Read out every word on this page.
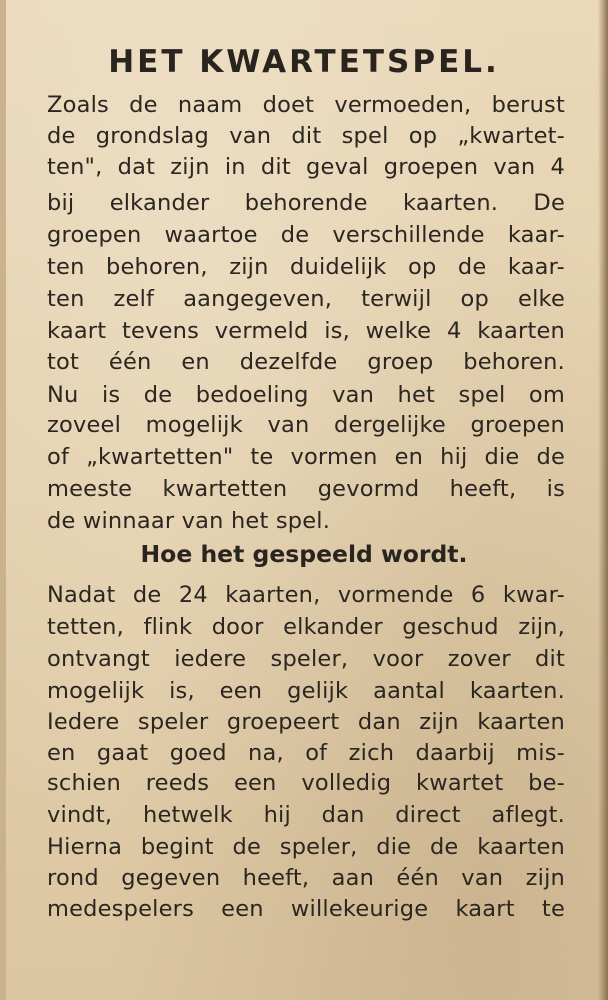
HET KWARTETSPEL.
Zoals de naam doet vermoeden, berust
de grondslag van dit spel op „kwartet-
ten", dat zijn in dit geval groepen van 4
bij elkander behorende kaarten. De
groepen waartoe de verschillende kaar-
ten behoren, zijn duidelijk op de kaar-
ten zelf aangegeven, terwijl op elke
kaart tevens vermeld is, welke 4 kaarten
tot één en dezelfde groep behoren.
Nu is de bedoeling van het spel om
zoveel mogelijk van dergelijke groepen
of „kwartetten" te vormen en hij die de
meeste kwartetten gevormd heeft, is
de winnaar van het spel.
Hoe het gespeeld wordt.
Nadat de 24 kaarten, vormende 6 kwar-
tetten, flink door elkander geschud zijn,
ontvangt iedere speler, voor zover dit
mogelijk is, een gelijk aantal kaarten.
Iedere speler groepeert dan zijn kaarten
en gaat goed na, of zich daarbij mis-
schien reeds een volledig kwartet be-
vindt, hetwelk hij dan direct aflegt.
Hierna begint de speler, die de kaarten
rond gegeven heeft, aan één van zijn
medespelers een willekeurige kaart te
